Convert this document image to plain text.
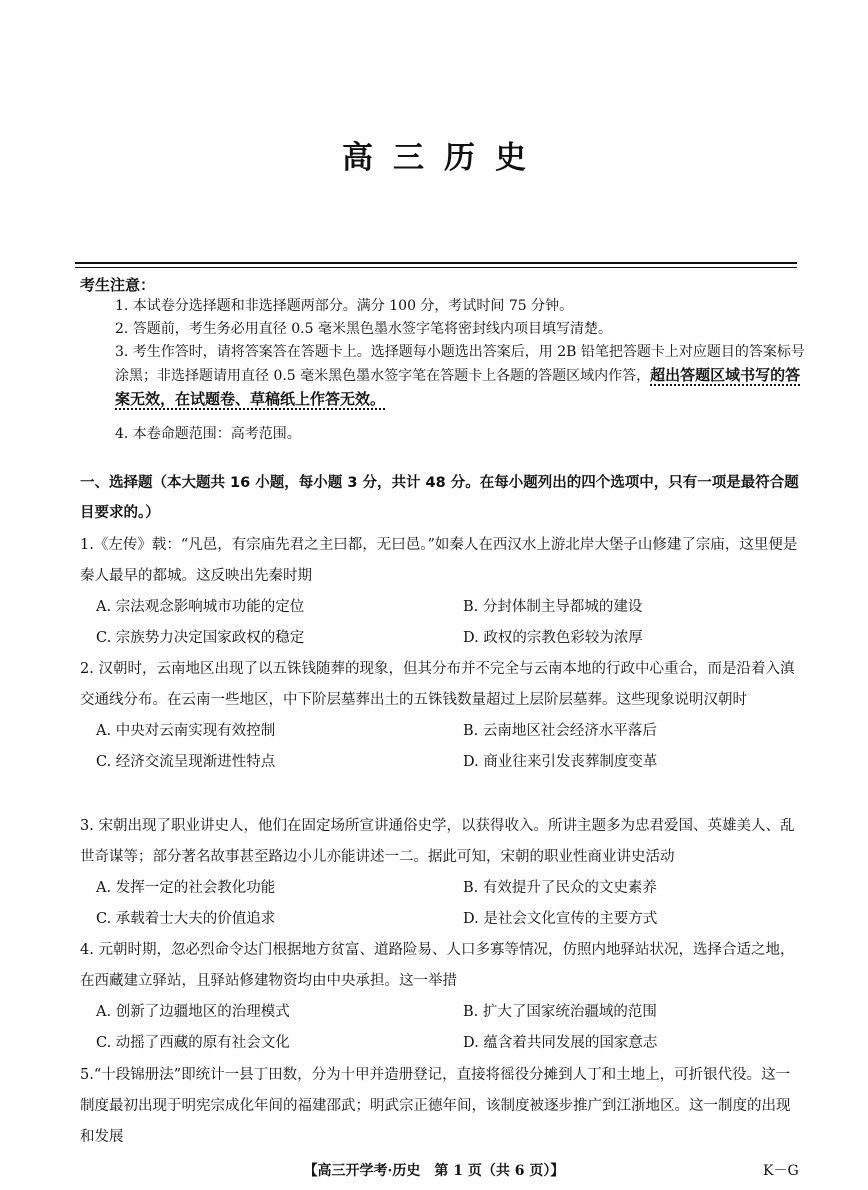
高三历史
考生注意：
1. 本试卷分选择题和非选择题两部分。满分 100 分，考试时间 75 分钟。
2. 答题前，考生务必用直径 0.5 毫米黑色墨水签字笔将密封线内项目填写清楚。
3. 考生作答时，请将答案答在答题卡上。选择题每小题选出答案后，用 2B 铅笔把答题卡上对应题目的答案标号涂黑；非选择题请用直径 0.5 毫米黑色墨水签字笔在答题卡上各题的答题区域内作答，超出答题区域书写的答案无效，在试题卷、草稿纸上作答无效。
4. 本卷命题范围：高考范围。
一、选择题（本大题共 16 小题，每小题 3 分，共计 48 分。在每小题列出的四个选项中，只有一项是最符合题目要求的。）
1.《左传》载：“凡邑，有宗庙先君之主曰都，无曰邑。”如秦人在西汉水上游北岸大堡子山修建了宗庙，这里便是秦人最早的都城。这反映出先秦时期
A. 宗法观念影响城市功能的定位	B. 分封体制主导都城的建设
C. 宗族势力决定国家政权的稳定	D. 政权的宗教色彩较为浓厚
2. 汉朝时，云南地区出现了以五铢钱随葬的现象，但其分布并不完全与云南本地的行政中心重合，而是沿着入滇交通线分布。在云南一些地区，中下阶层墓葬出土的五铢钱数量超过上层阶层墓葬。这些现象说明汉朝时
A. 中央对云南实现有效控制	B. 云南地区社会经济水平落后
C. 经济交流呈现渐进性特点	D. 商业往来引发丧葬制度变革
3. 宋朝出现了职业讲史人，他们在固定场所宣讲通俗史学，以获得收入。所讲主题多为忠君爱国、英雄美人、乱世奇谋等；部分著名故事甚至路边小儿亦能讲述一二。据此可知，宋朝的职业性商业讲史活动
A. 发挥一定的社会教化功能	B. 有效提升了民众的文史素养
C. 承载着士大夫的价值追求	D. 是社会文化宣传的主要方式
4. 元朝时期，忽必烈命令达门根据地方贫富、道路险易、人口多寡等情况，仿照内地驿站状况，选择合适之地，在西藏建立驿站，且驿站修建物资均由中央承担。这一举措
A. 创新了边疆地区的治理模式	B. 扩大了国家统治疆域的范围
C. 动摇了西藏的原有社会文化	D. 蕴含着共同发展的国家意志
5.“十段锦册法”即统计一县丁田数，分为十甲并造册登记，直接将徭役分摊到人丁和土地上，可折银代役。这一制度最初出现于明宪宗成化年间的福建邵武；明武宗正德年间，该制度被逐步推广到江浙地区。这一制度的出现和发展
【高三开学考·历史　第 1 页（共 6 页）】	K－G
